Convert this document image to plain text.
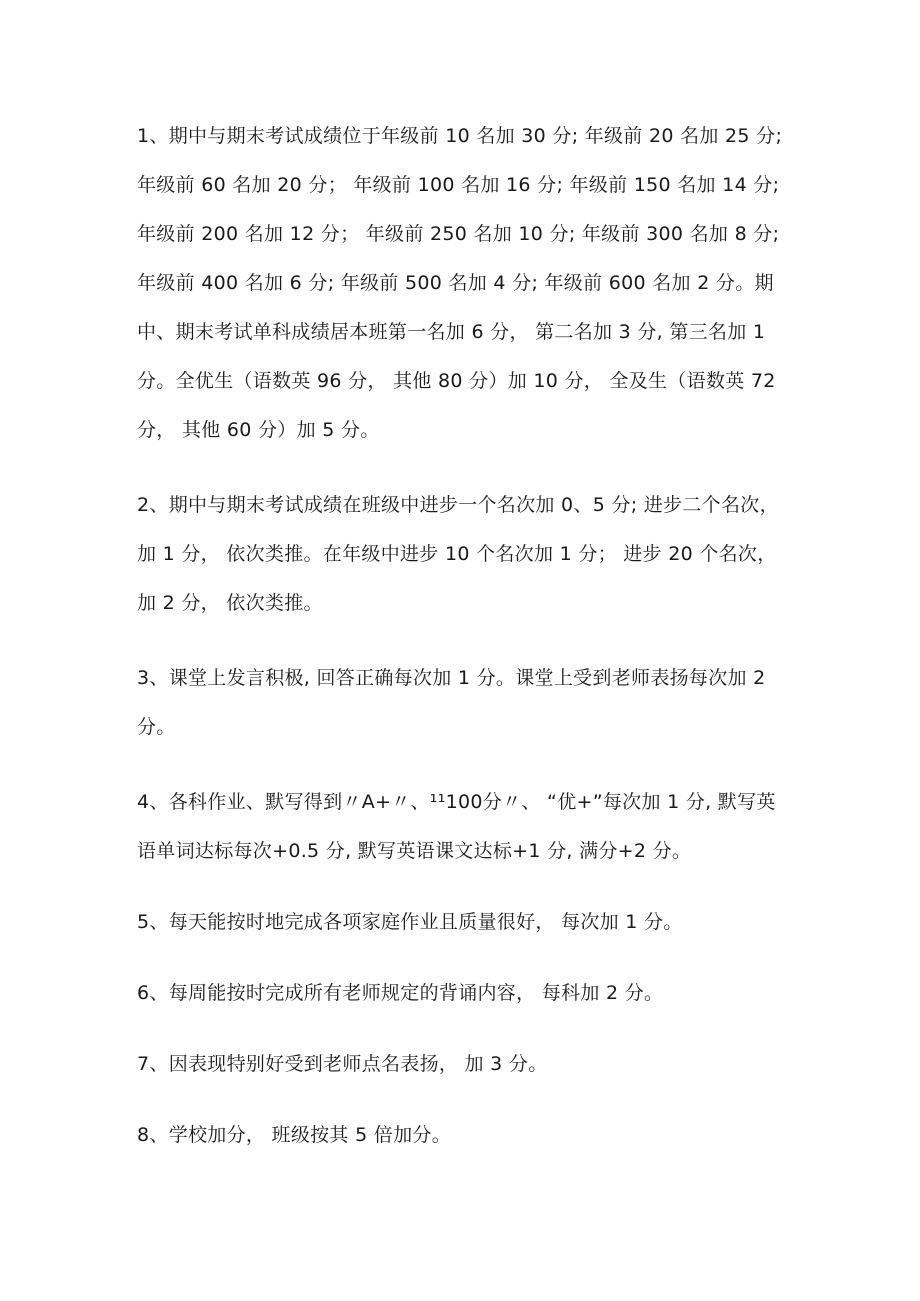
1、期中与期末考试成绩位于年级前 10 名加 30 分; 年级前 20 名加 25 分;
年级前 60 名加 20 分； 年级前 100 名加 16 分; 年级前 150 名加 14 分;
年级前 200 名加 12 分； 年级前 250 名加 10 分; 年级前 300 名加 8 分;
年级前 400 名加 6 分; 年级前 500 名加 4 分; 年级前 600 名加 2 分。期
中、期末考试单科成绩居本班第一名加 6 分， 第二名加 3 分, 第三名加 1
分。全优生（语数英 96 分， 其他 80 分）加 10 分， 全及生（语数英 72
分， 其他 60 分）加 5 分。

2、期中与期末考试成绩在班级中进步一个名次加 0、5 分; 进步二个名次，
加 1 分， 依次类推。在年级中进步 10 个名次加 1 分； 进步 20 个名次，
加 2 分， 依次类推。

3、课堂上发言积极, 回答正确每次加 1 分。课堂上受到老师表扬每次加 2
分。

4、各科作业、默写得到〃A+〃、¹¹100分〃、 “优+”每次加 1 分, 默写英
语单词达标每次+0.5 分, 默写英语课文达标+1 分, 满分+2 分。

5、每天能按时地完成各项家庭作业且质量很好， 每次加 1 分。

6、每周能按时完成所有老师规定的背诵内容， 每科加 2 分。

7、因表现特别好受到老师点名表扬， 加 3 分。

8、学校加分， 班级按其 5 倍加分。
